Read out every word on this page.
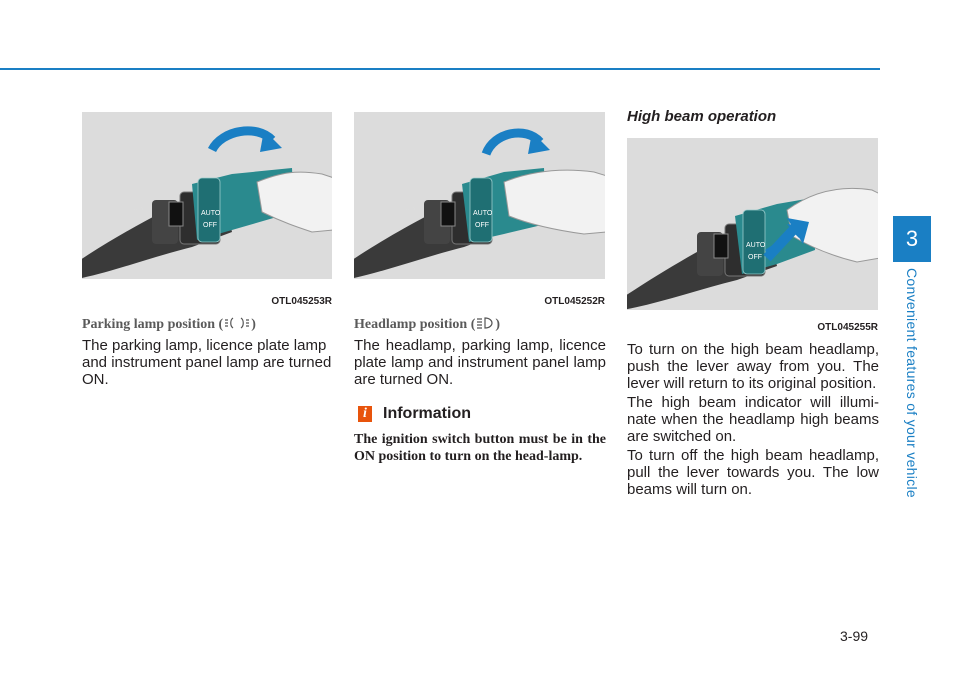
⇦⇨	AUTO
OFF
OTL045253R
Parking lamp position ( )
The parking lamp, licence plate lamp and instrument panel lamp are turned ON.
⇦⇨	AUTO
OFF
OTL045252R
Headlamp position ( )
The headlamp, parking lamp, licence plate lamp and instrument panel lamp are turned ON.
i	Information
The ignition switch button must be in the ON position to turn on the head-lamp.
High beam operation
⇦⇨	AUTO
OFF
OTL045255R
To turn on the high beam headlamp, push the lever away from you. The lever will return to its original position.
The high beam indicator will illumi-nate when the headlamp high beams are switched on.
To turn off the high beam headlamp, pull the lever towards you. The low beams will turn on.
3
Convenient features of your vehicle
3-99
